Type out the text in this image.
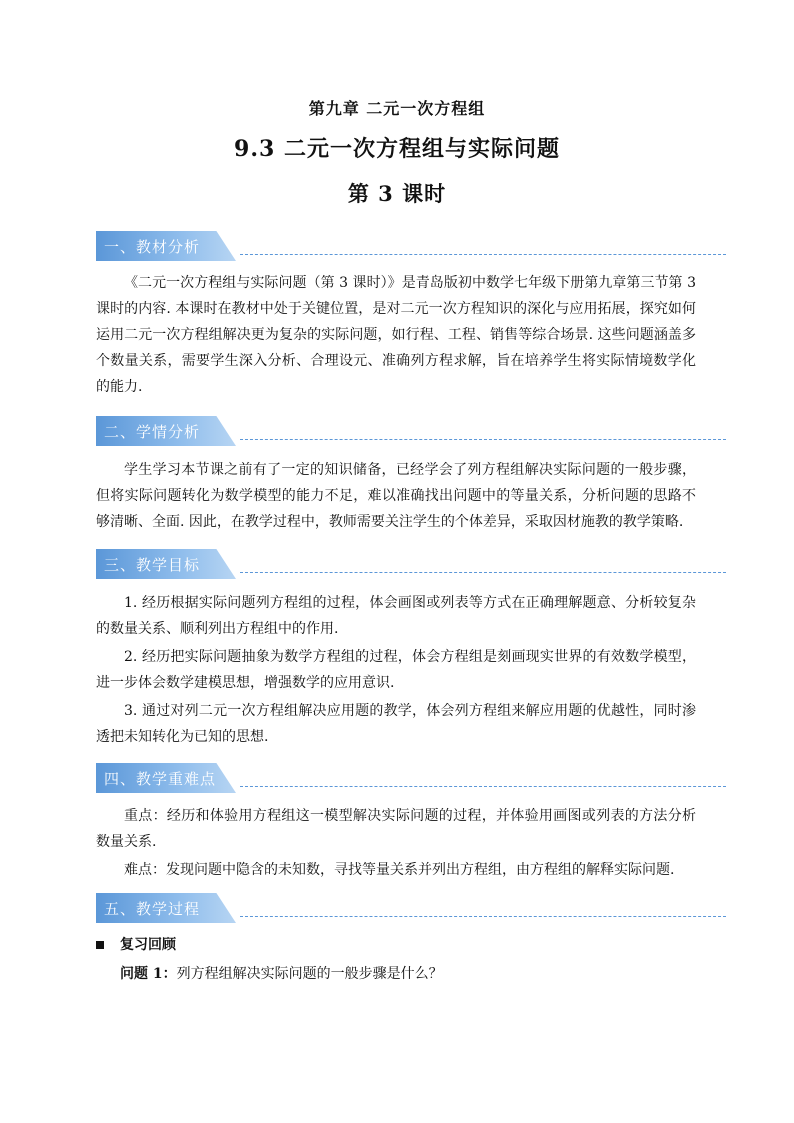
第九章 二元一次方程组
9.3 二元一次方程组与实际问题
第 3 课时
一、教材分析
《二元一次方程组与实际问题（第 3 课时）》是青岛版初中数学七年级下册第九章第三节第 3 课时的内容. 本课时在教材中处于关键位置，是对二元一次方程知识的深化与应用拓展，探究如何运用二元一次方程组解决更为复杂的实际问题，如行程、工程、销售等综合场景. 这些问题涵盖多个数量关系，需要学生深入分析、合理设元、准确列方程求解，旨在培养学生将实际情境数学化的能力.
二、学情分析
学生学习本节课之前有了一定的知识储备，已经学会了列方程组解决实际问题的一般步骤，但将实际问题转化为数学模型的能力不足，难以准确找出问题中的等量关系，分析问题的思路不够清晰、全面. 因此，在教学过程中，教师需要关注学生的个体差异，采取因材施教的教学策略.
三、教学目标
1. 经历根据实际问题列方程组的过程，体会画图或列表等方式在正确理解题意、分析较复杂的数量关系、顺利列出方程组中的作用.
2. 经历把实际问题抽象为数学方程组的过程，体会方程组是刻画现实世界的有效数学模型，进一步体会数学建模思想，增强数学的应用意识.
3. 通过对列二元一次方程组解决应用题的教学，体会列方程组来解应用题的优越性，同时渗透把未知转化为已知的思想.
四、教学重难点
重点：经历和体验用方程组这一模型解决实际问题的过程，并体验用画图或列表的方法分析数量关系.
难点：发现问题中隐含的未知数，寻找等量关系并列出方程组，由方程组的解释实际问题.
五、教学过程
复习回顾
问题 1：列方程组解决实际问题的一般步骤是什么？
